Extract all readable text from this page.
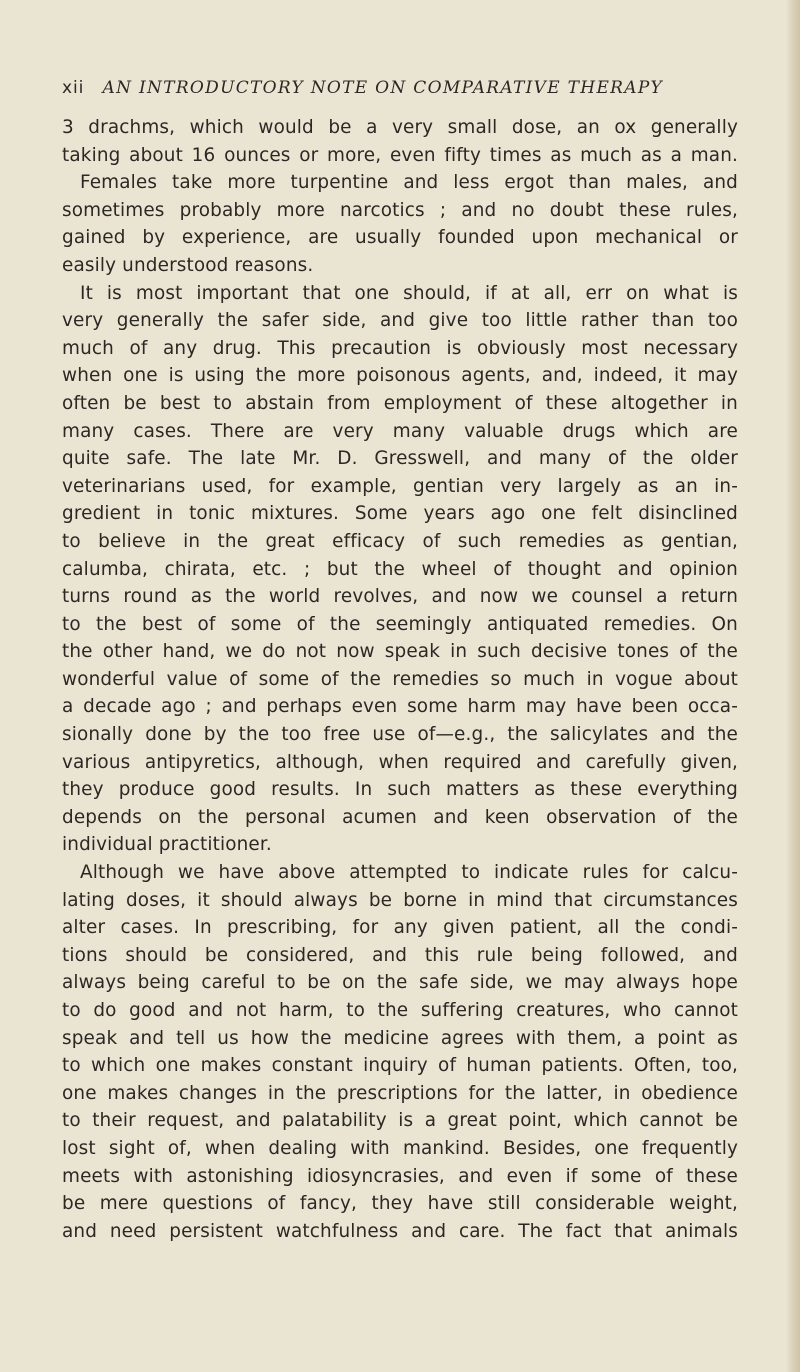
xii AN INTRODUCTORY NOTE ON COMPARATIVE THERAPY
3 drachms, which would be a very small dose, an ox generally
taking about 16 ounces or more, even fifty times as much as a man.
Females take more turpentine and less ergot than males, and
sometimes probably more narcotics ; and no doubt these rules,
gained by experience, are usually founded upon mechanical or
easily understood reasons.
It is most important that one should, if at all, err on what is
very generally the safer side, and give too little rather than too
much of any drug. This precaution is obviously most necessary
when one is using the more poisonous agents, and, indeed, it may
often be best to abstain from employment of these altogether in
many cases. There are very many valuable drugs which are
quite safe. The late Mr. D. Gresswell, and many of the older
veterinarians used, for example, gentian very largely as an in-
gredient in tonic mixtures. Some years ago one felt disinclined
to believe in the great efficacy of such remedies as gentian,
calumba, chirata, etc. ; but the wheel of thought and opinion
turns round as the world revolves, and now we counsel a return
to the best of some of the seemingly antiquated remedies. On
the other hand, we do not now speak in such decisive tones of the
wonderful value of some of the remedies so much in vogue about
a decade ago ; and perhaps even some harm may have been occa-
sionally done by the too free use of—e.g., the salicylates and the
various antipyretics, although, when required and carefully given,
they produce good results. In such matters as these everything
depends on the personal acumen and keen observation of the
individual practitioner.
Although we have above attempted to indicate rules for calcu-
lating doses, it should always be borne in mind that circumstances
alter cases. In prescribing, for any given patient, all the condi-
tions should be considered, and this rule being followed, and
always being careful to be on the safe side, we may always hope
to do good and not harm, to the suffering creatures, who cannot
speak and tell us how the medicine agrees with them, a point as
to which one makes constant inquiry of human patients. Often, too,
one makes changes in the prescriptions for the latter, in obedience
to their request, and palatability is a great point, which cannot be
lost sight of, when dealing with mankind. Besides, one frequently
meets with astonishing idiosyncrasies, and even if some of these
be mere questions of fancy, they have still considerable weight,
and need persistent watchfulness and care. The fact that animals
